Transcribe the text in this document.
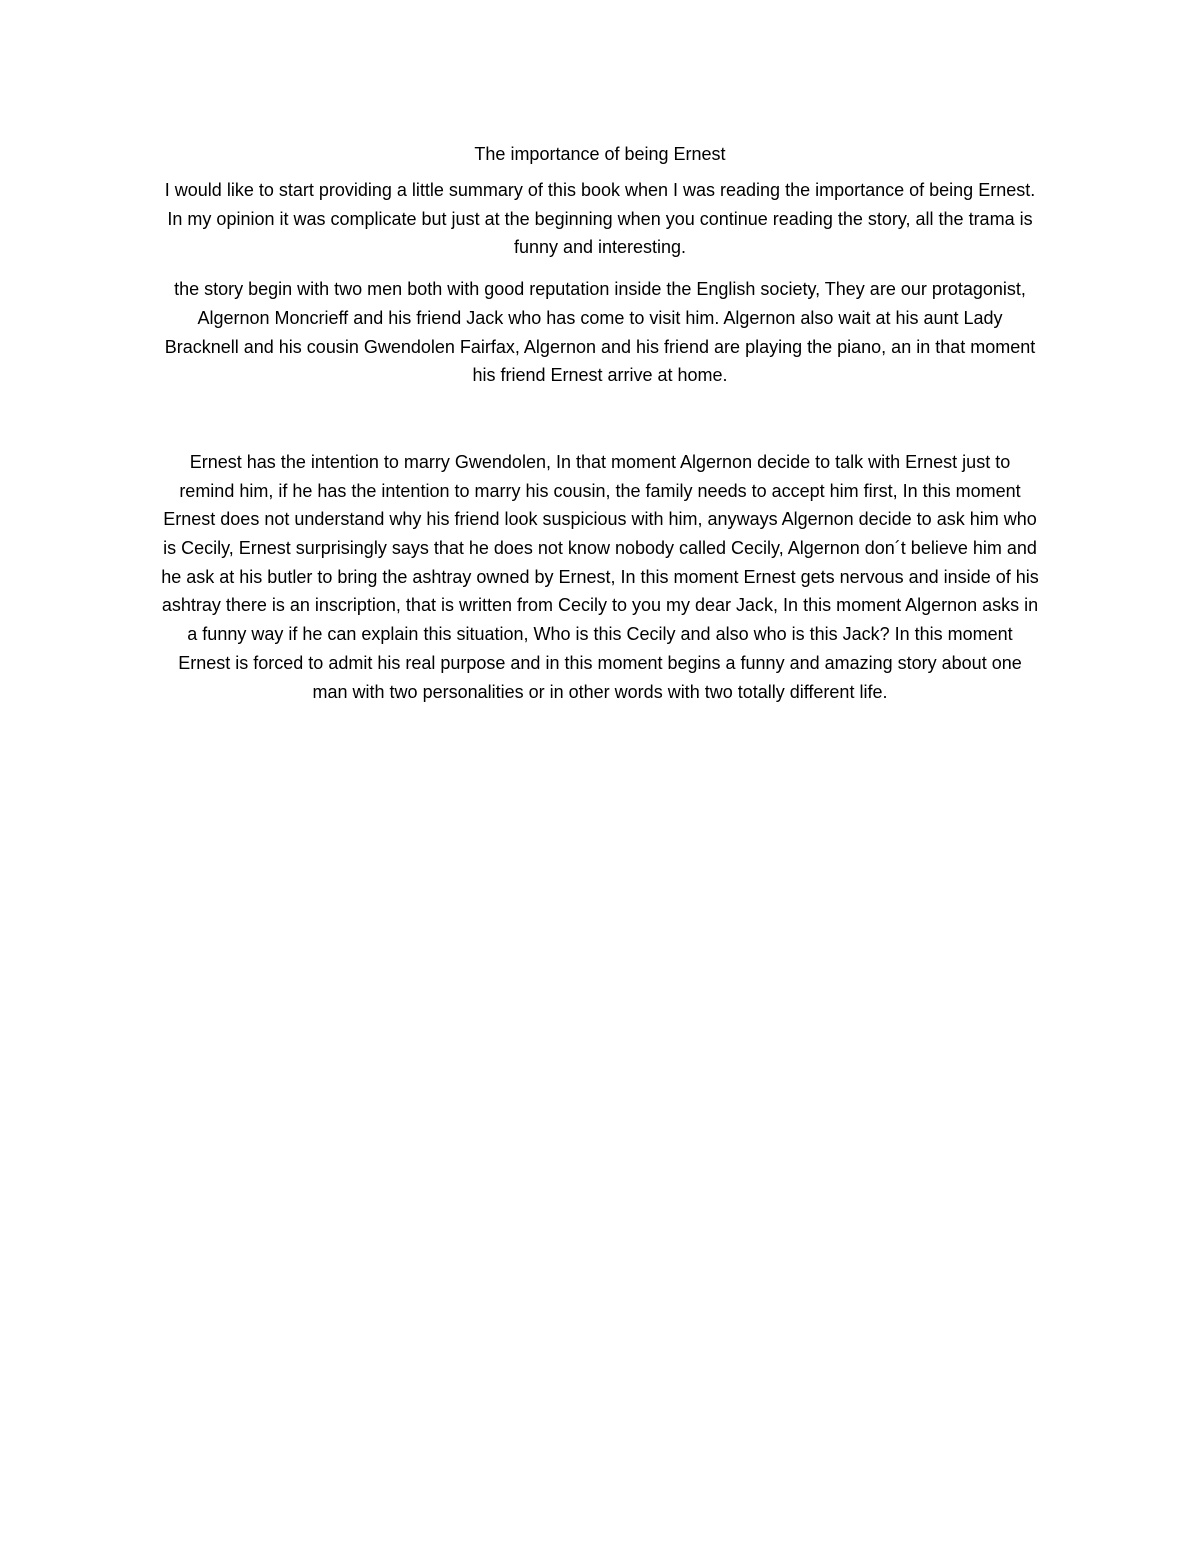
The importance of being Ernest

I would like to start providing a little summary of this book when I was reading the importance of being Ernest. In my opinion it was complicate but just at the beginning when you continue reading the story, all the trama is funny and interesting.

the story begin with two men both with good reputation inside the English society, They are our protagonist, Algernon Moncrieff and his friend Jack who has come to visit him. Algernon also wait at his aunt Lady Bracknell and his cousin Gwendolen Fairfax, Algernon and his friend are playing the piano, an in that moment his friend Ernest arrive at home.

Ernest has the intention to marry Gwendolen, In that moment Algernon decide to talk with Ernest just to remind him, if he has the intention to marry his cousin, the family needs to accept him first, In this moment Ernest does not understand why his friend look suspicious with him, anyways Algernon decide to ask him who is Cecily, Ernest surprisingly says that he does not know nobody called Cecily, Algernon don´t believe him and he ask at his butler to bring the ashtray owned by Ernest, In this moment Ernest gets nervous and inside of his ashtray there is an inscription, that is written from Cecily to you my dear Jack, In this moment Algernon asks in a funny way if he can explain this situation, Who is this Cecily and also who is this Jack? In this moment Ernest is forced to admit his real purpose and in this moment begins a funny and amazing story about one man with two personalities or in other words with two totally different life.
